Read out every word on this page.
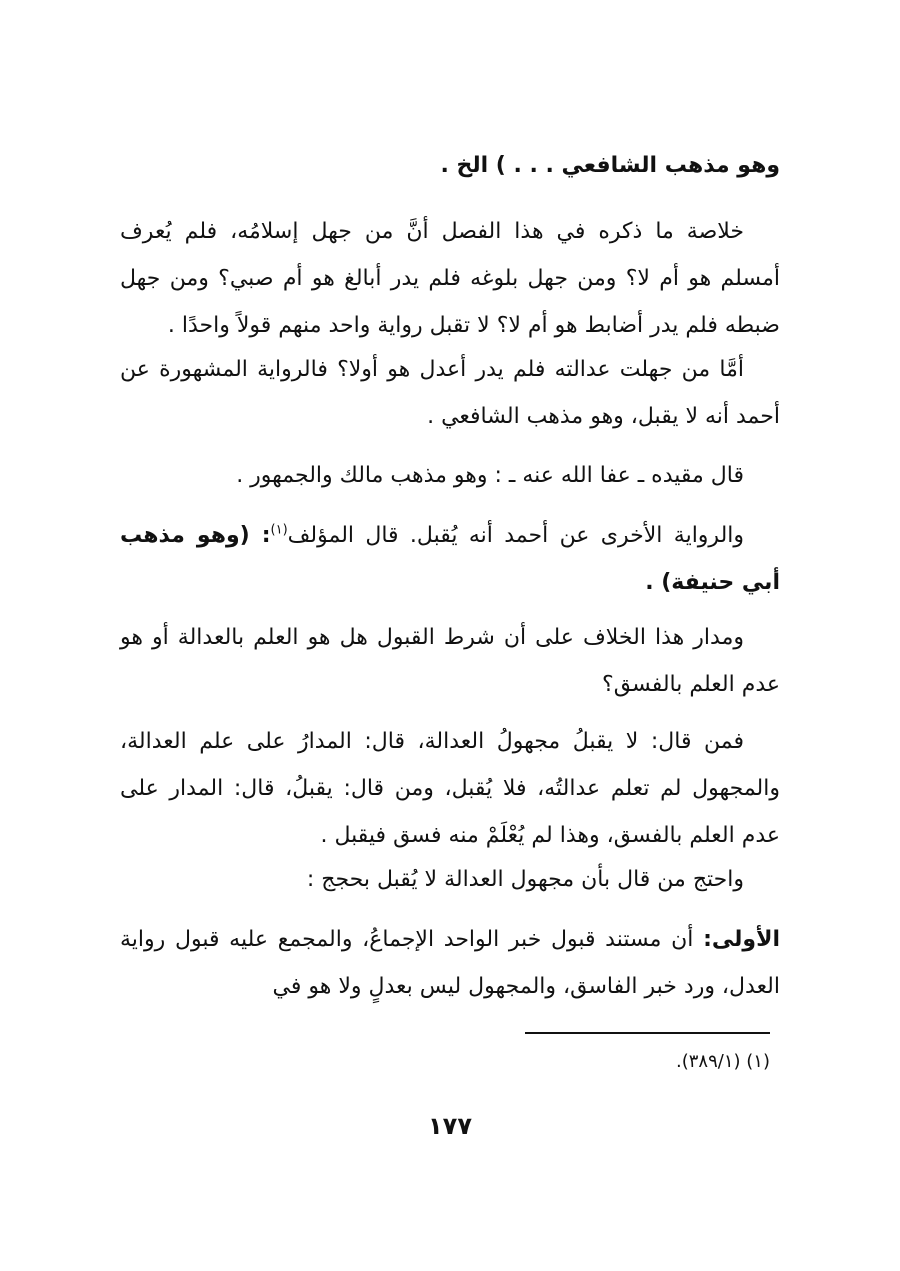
وهو مذهب الشافعي . . . ) الخ .

خلاصة ما ذكره في هذا الفصل أنَّ من جهل إسلامُه، فلم يُعرف أمسلم هو أم لا؟ ومن جهل بلوغه فلم يدر أبالغ هو أم صبي؟ ومن جهل ضبطه فلم يدر أضابط هو أم لا؟ لا تقبل رواية واحد منهم قولاً واحدًا .

أمَّا من جهلت عدالته فلم يدر أعدل هو أولا؟ فالرواية المشهورة عن أحمد أنه لا يقبل، وهو مذهب الشافعي .

قال مقيده ـ عفا الله عنه ـ : وهو مذهب مالك والجمهور .

والرواية الأخرى عن أحمد أنه يُقبل. قال المؤلف$^{(١)}$: (وهو مذهب أبي حنيفة) .

ومدار هذا الخلاف على أن شرط القبول هل هو العلم بالعدالة أو هو عدم العلم بالفسق؟

فمن قال: لا يقبلُ مجهولُ العدالة، قال: المدارُ على علم العدالة، والمجهول لم تعلم عدالتُه، فلا يُقبل، ومن قال: يقبلُ، قال: المدار على عدم العلم بالفسق، وهذا لم يُعْلَمْ منه فسق فيقبل .

واحتج من قال بأن مجهول العدالة لا يُقبل بحجج :

الأولى: أن مستند قبول خبر الواحد الإجماعُ، والمجمع عليه قبول رواية العدل، ورد خبر الفاسق، والمجهول ليس بعدلٍ ولا هو في

(١) (٣٨٩/١).
١٧٧
